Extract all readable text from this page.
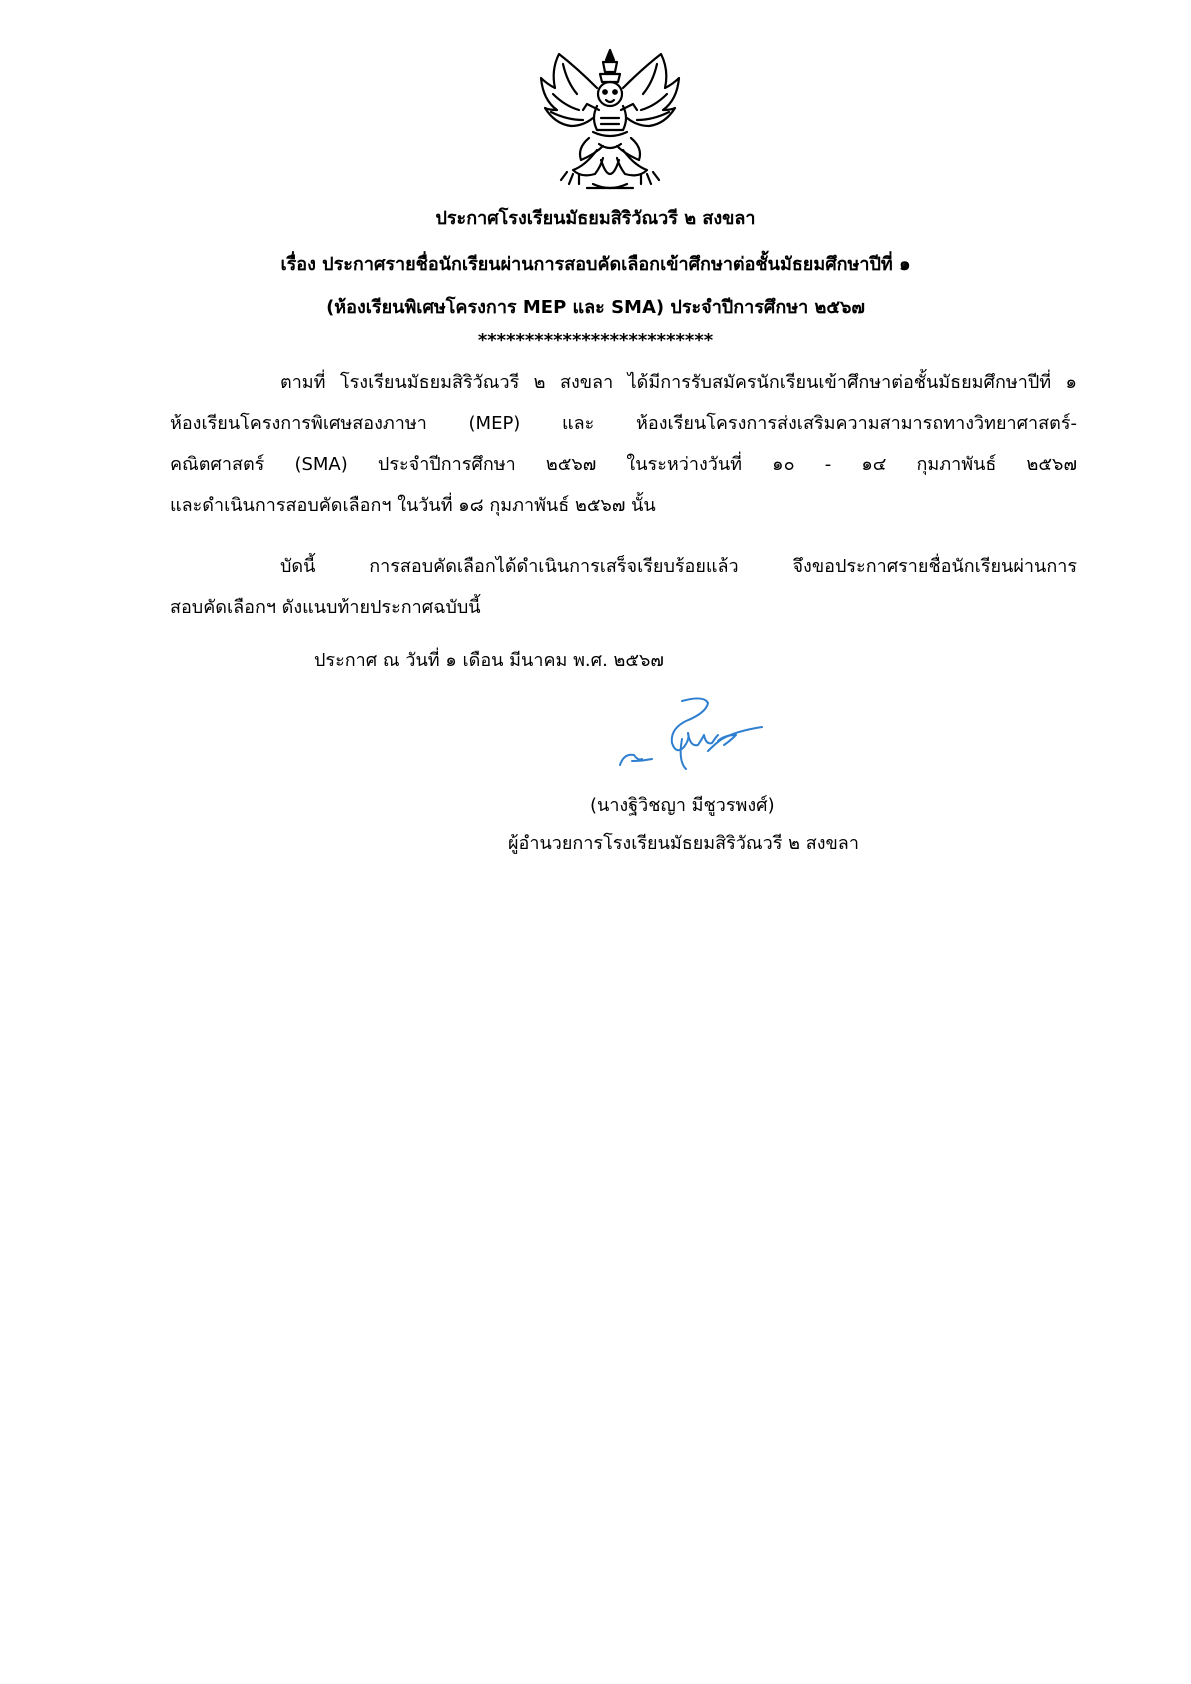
ประกาศโรงเรียนมัธยมสิริวัณวรี ๒ สงขลา
เรื่อง ประกาศรายชื่อนักเรียนผ่านการสอบคัดเลือกเข้าศึกษาต่อชั้นมัธยมศึกษาปีที่ ๑
(ห้องเรียนพิเศษโครงการ MEP และ SMA) ประจำปีการศึกษา ๒๕๖๗
*************************
ตามที่ โรงเรียนมัธยมสิริวัณวรี ๒ สงขลา ได้มีการรับสมัครนักเรียนเข้าศึกษาต่อชั้นมัธยมศึกษาปีที่ ๑
ห้องเรียนโครงการพิเศษสองภาษา (MEP) และ ห้องเรียนโครงการส่งเสริมความสามารถทางวิทยาศาสตร์-
คณิตศาสตร์ (SMA) ประจำปีการศึกษา ๒๕๖๗ ในระหว่างวันที่ ๑๐ - ๑๔ กุมภาพันธ์ ๒๕๖๗
และดำเนินการสอบคัดเลือกฯ ในวันที่ ๑๘ กุมภาพันธ์ ๒๕๖๗ นั้น
บัดนี้ การสอบคัดเลือกได้ดำเนินการเสร็จเรียบร้อยแล้ว จึงขอประกาศรายชื่อนักเรียนผ่านการ
สอบคัดเลือกฯ ดังแนบท้ายประกาศฉบับนี้
ประกาศ ณ วันที่ ๑ เดือน มีนาคม พ.ศ. ๒๕๖๗
(นางฐิวิชญา มีชูวรพงศ์)
ผู้อำนวยการโรงเรียนมัธยมสิริวัณวรี ๒ สงขลา
